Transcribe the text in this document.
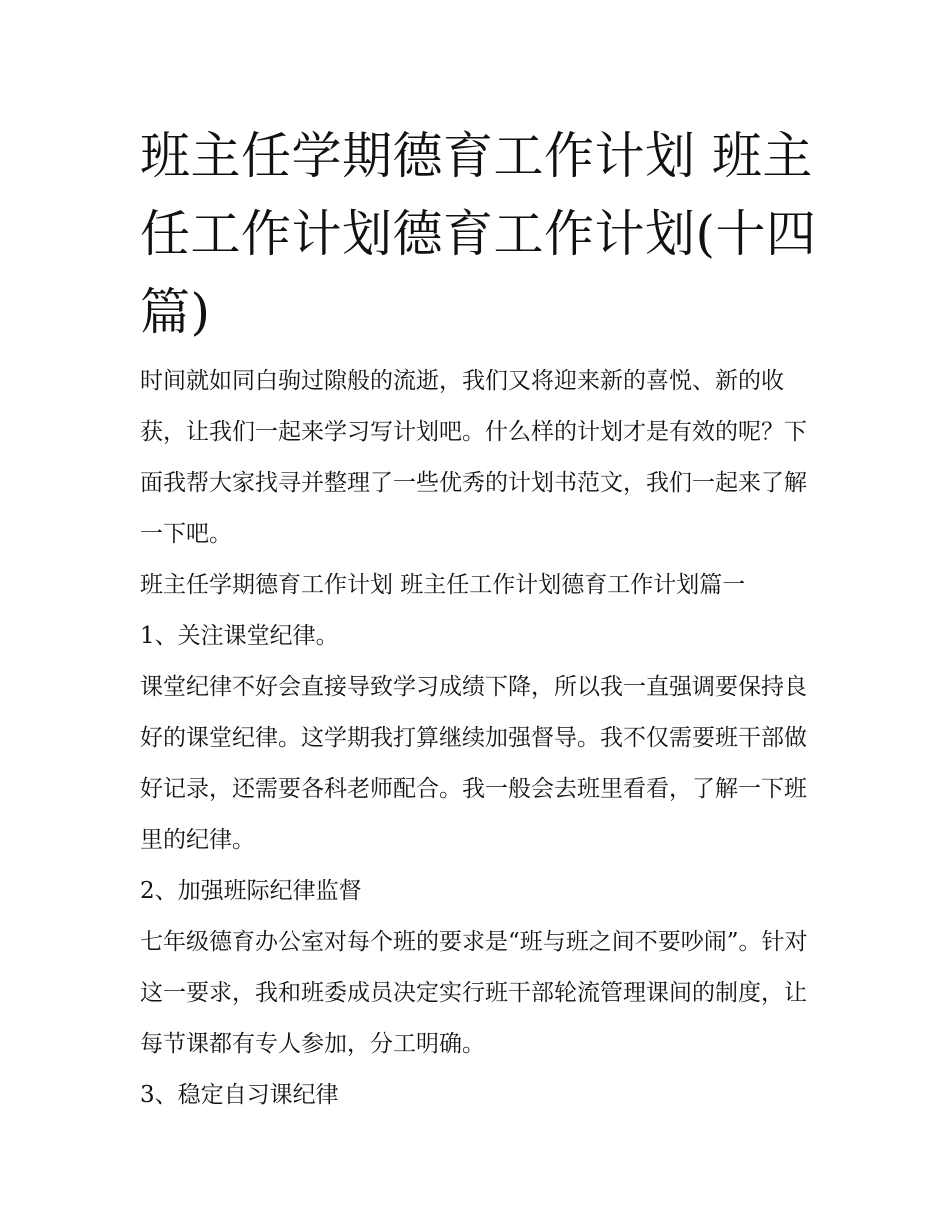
班主任学期德育工作计划 班主任工作计划德育工作计划(十四篇)

时间就如同白驹过隙般的流逝，我们又将迎来新的喜悦、新的收获，让我们一起来学习写计划吧。什么样的计划才是有效的呢？下面我帮大家找寻并整理了一些优秀的计划书范文，我们一起来了解一下吧。

班主任学期德育工作计划 班主任工作计划德育工作计划篇一

1、关注课堂纪律。

课堂纪律不好会直接导致学习成绩下降，所以我一直强调要保持良好的课堂纪律。这学期我打算继续加强督导。我不仅需要班干部做好记录，还需要各科老师配合。我一般会去班里看看，了解一下班里的纪律。

2、加强班际纪律监督

七年级德育办公室对每个班的要求是“班与班之间不要吵闹”。针对这一要求，我和班委成员决定实行班干部轮流管理课间的制度，让每节课都有专人参加，分工明确。

3、稳定自习课纪律
